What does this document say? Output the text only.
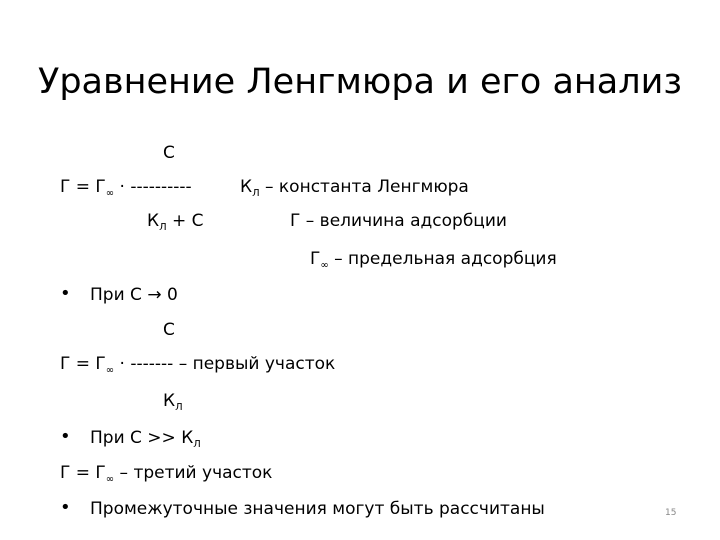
Уравнение Ленгмюра и его анализ
С
$Г = Г_\infty$ · ----------
$К_Л + С$
$К_Л$ – константа Ленгмюра
Г – величина адсорбции
$Г_\infty$ – предельная адсорбция
• При С → 0
С
$Г = Г_\infty$ · ------- – первый участок
$К_Л$
• При $С >> К_Л$
$Г = Г_\infty$ – третий участок
• Промежуточные значения могут быть рассчитаны	15
